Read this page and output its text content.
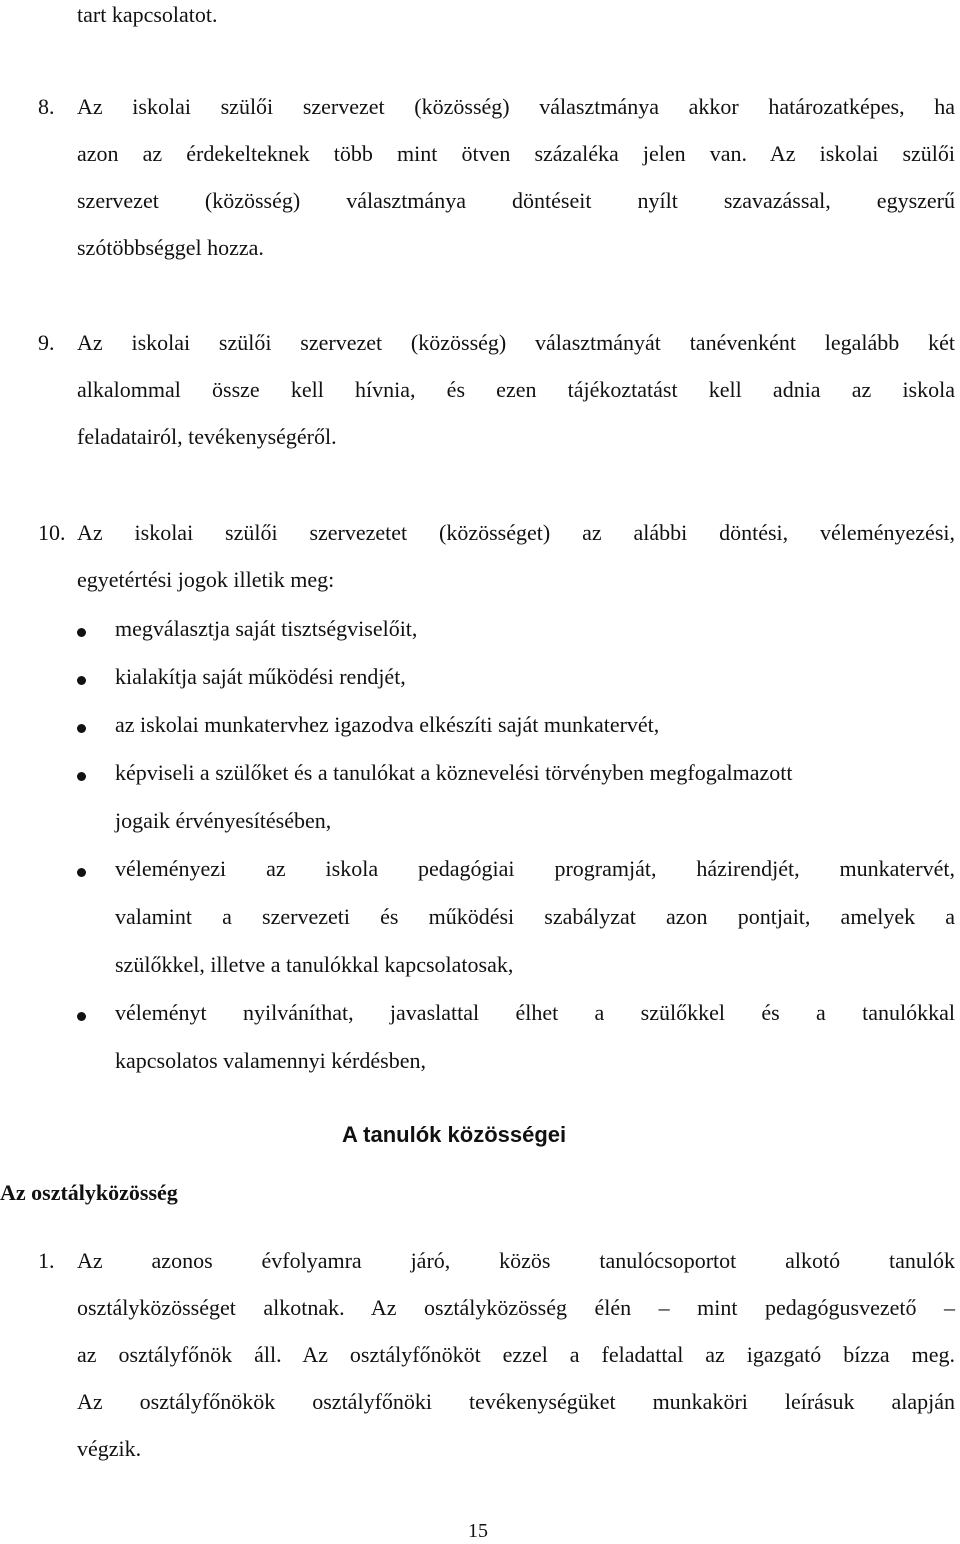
tart kapcsolatot.
8. Az iskolai szülői szervezet (közösség) választmánya akkor határozatképes, ha
azon az érdekelteknek több mint ötven százaléka jelen van. Az iskolai szülői
szervezet (közösség) választmánya döntéseit nyílt szavazással, egyszerű
szótöbbséggel hozza.
9. Az iskolai szülői szervezet (közösség) választmányát tanévenként legalább két
alkalommal össze kell hívnia, és ezen tájékoztatást kell adnia az iskola
feladatairól, tevékenységéről.
10. Az iskolai szülői szervezetet (közösséget) az alábbi döntési, véleményezési,
egyetértési jogok illetik meg:
megválasztja saját tisztségviselőit,
kialakítja saját működési rendjét,
az iskolai munkatervhez igazodva elkészíti saját munkatervét,
képviseli a szülőket és a tanulókat a köznevelési törvényben megfogalmazott
jogaik érvényesítésében,
véleményezi az iskola pedagógiai programját, házirendjét, munkatervét,
valamint a szervezeti és működési szabályzat azon pontjait, amelyek a
szülőkkel, illetve a tanulókkal kapcsolatosak,
véleményt nyilváníthat, javaslattal élhet a szülőkkel és a tanulókkal
kapcsolatos valamennyi kérdésben,
A tanulók közösségei
Az osztályközösség
1. Az azonos évfolyamra járó, közös tanulócsoportot alkotó tanulók
osztályközösséget alkotnak. Az osztályközösség élén – mint pedagógusvezető –
az osztályfőnök áll. Az osztályfőnököt ezzel a feladattal az igazgató bízza meg.
Az osztályfőnökök osztályfőnöki tevékenységüket munkaköri leírásuk alapján
végzik.
15
